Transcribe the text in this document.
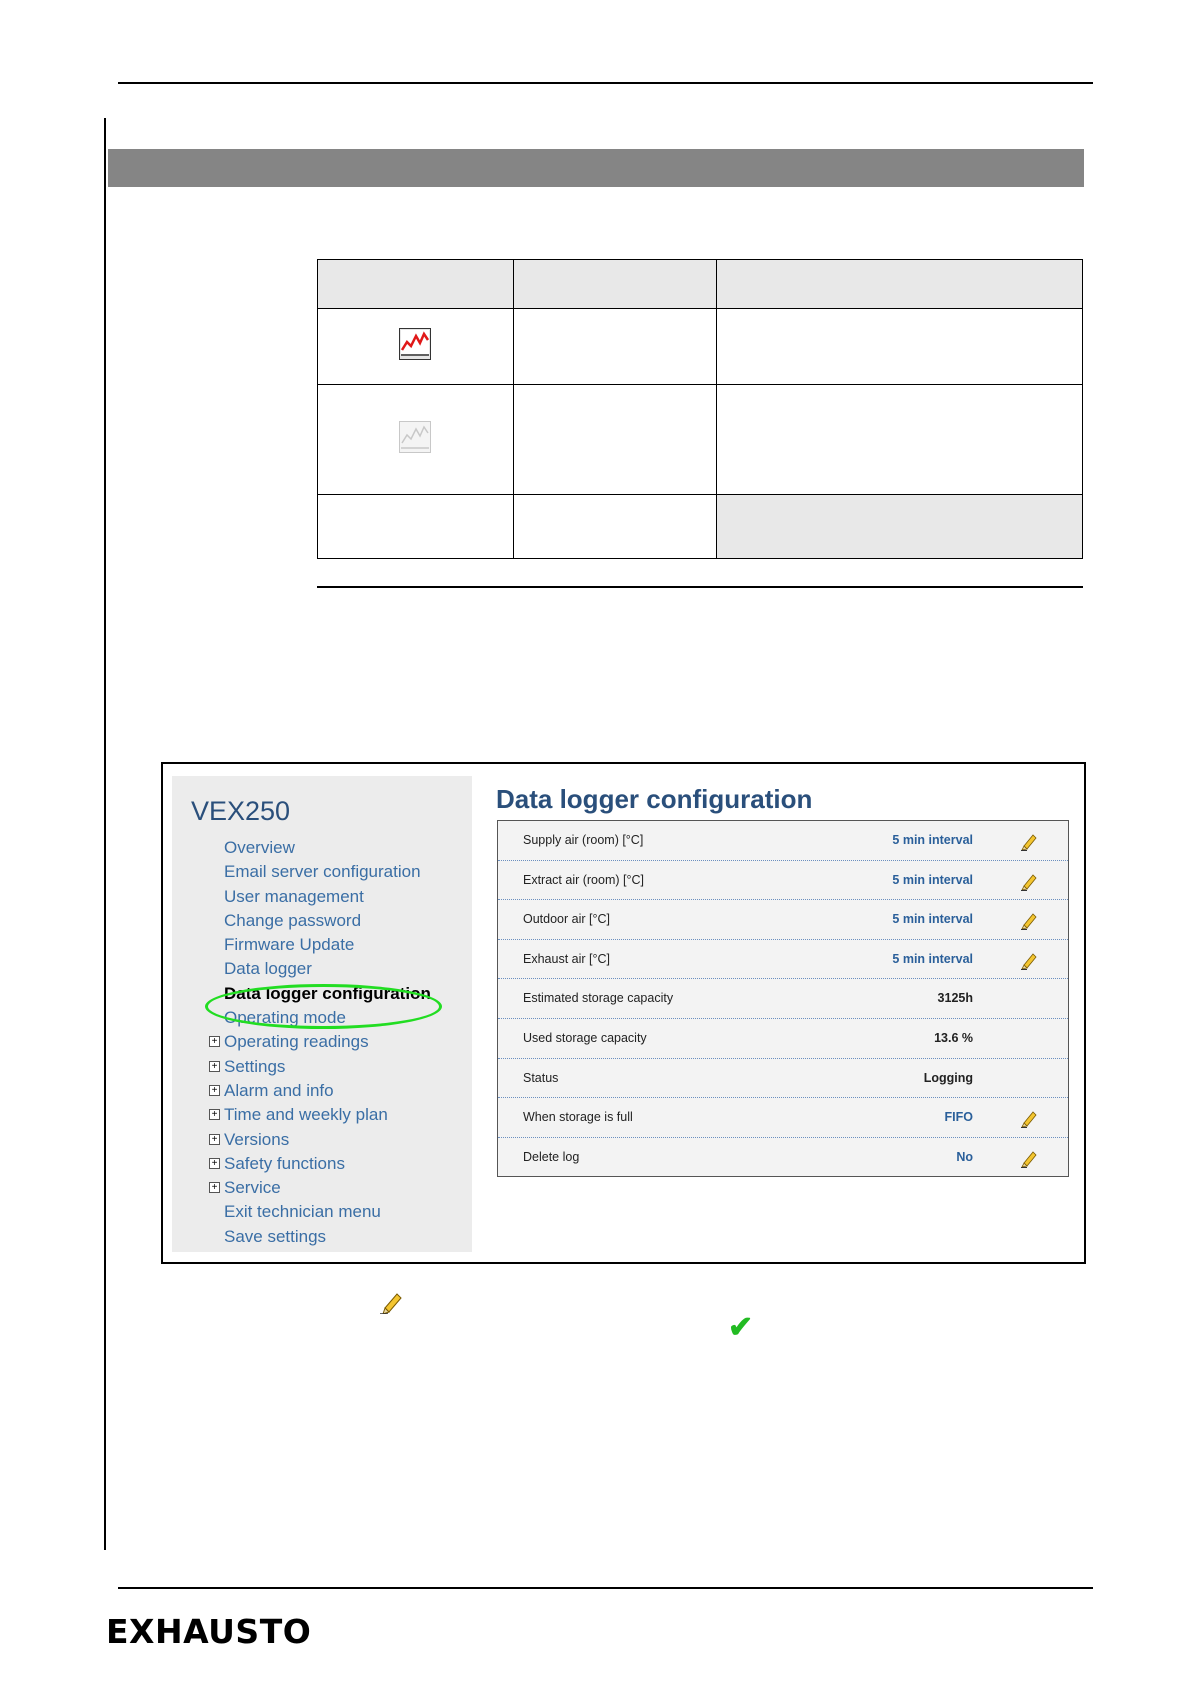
VEX250
Overview
Email server configuration
User management
Change password
Firmware Update
Data logger
Data logger configuration
Operating mode
+ Operating readings
+ Settings
+ Alarm and info
+ Time and weekly plan
+ Versions
+ Safety functions
+ Service
Exit technician menu
Save settings
Data logger configuration
Supply air (room) [°C]	5 min interval
Extract air (room) [°C]	5 min interval
Outdoor air [°C]	5 min interval
Exhaust air [°C]	5 min interval
Estimated storage capacity	3125h
Used storage capacity	13.6 %
Status	Logging
When storage is full	FIFO
Delete log	No
✔
EXHAUSTO
